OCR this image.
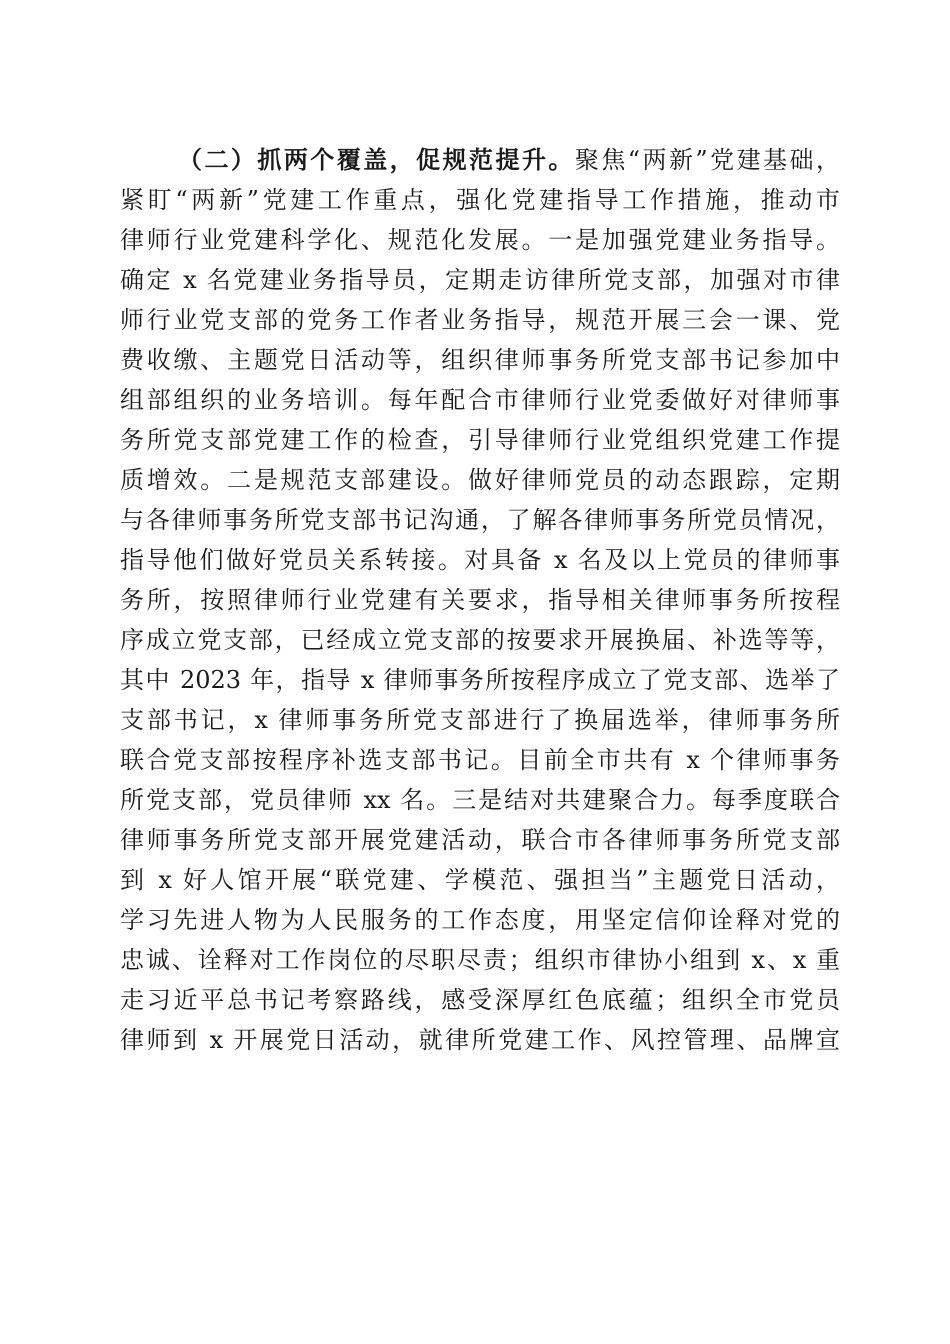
（二）抓两个覆盖，促规范提升。聚焦“两新”党建基础，
紧盯“两新”党建工作重点，强化党建指导工作措施，推动市
律师行业党建科学化、规范化发展。一是加强党建业务指导。
确定 x 名党建业务指导员，定期走访律所党支部，加强对市律
师行业党支部的党务工作者业务指导，规范开展三会一课、党
费收缴、主题党日活动等，组织律师事务所党支部书记参加中
组部组织的业务培训。每年配合市律师行业党委做好对律师事
务所党支部党建工作的检查，引导律师行业党组织党建工作提
质增效。二是规范支部建设。做好律师党员的动态跟踪，定期
与各律师事务所党支部书记沟通，了解各律师事务所党员情况，
指导他们做好党员关系转接。对具备 x 名及以上党员的律师事
务所，按照律师行业党建有关要求，指导相关律师事务所按程
序成立党支部，已经成立党支部的按要求开展换届、补选等等，
其中 2023 年，指导 x 律师事务所按程序成立了党支部、选举了
支部书记，x 律师事务所党支部进行了换届选举，律师事务所
联合党支部按程序补选支部书记。目前全市共有 x 个律师事务
所党支部，党员律师 xx 名。三是结对共建聚合力。每季度联合
律师事务所党支部开展党建活动，联合市各律师事务所党支部
到 x 好人馆开展“联党建、学模范、强担当”主题党日活动，
学习先进人物为人民服务的工作态度，用坚定信仰诠释对党的
忠诚、诠释对工作岗位的尽职尽责；组织市律协小组到 x、x 重
走习近平总书记考察路线，感受深厚红色底蕴；组织全市党员
律师到 x 开展党日活动，就律所党建工作、风控管理、品牌宣
